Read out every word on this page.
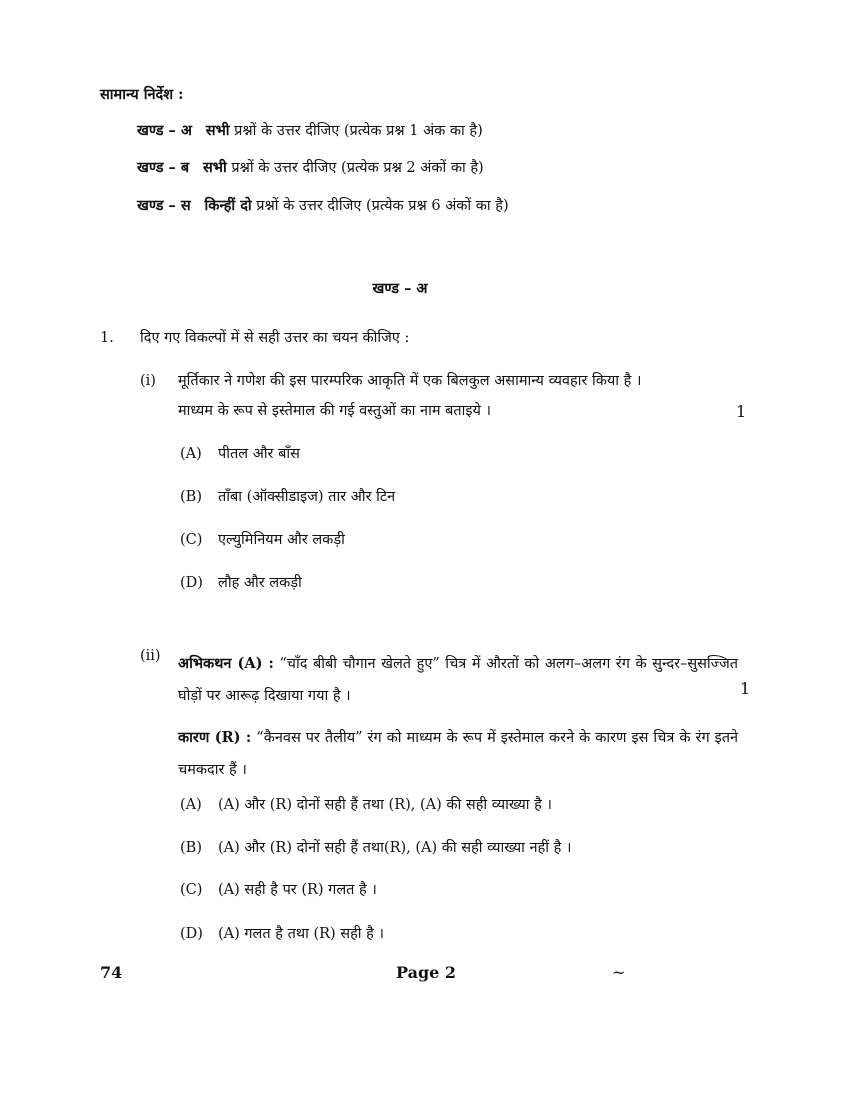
सामान्य निर्देश :
खण्ड – अ सभी प्रश्नों के उत्तर दीजिए (प्रत्येक प्रश्न 1 अंक का है)
खण्ड – ब सभी प्रश्नों के उत्तर दीजिए (प्रत्येक प्रश्न 2 अंकों का है)
खण्ड – स किन्हीं दो प्रश्नों के उत्तर दीजिए (प्रत्येक प्रश्न 6 अंकों का है)
खण्ड – अ
1. दिए गए विकल्पों में से सही उत्तर का चयन कीजिए :
(i) मूर्तिकार ने गणेश की इस पारम्परिक आकृति में एक बिलकुल असामान्य व्यवहार किया है ।
माध्यम के रूप से इस्तेमाल की गई वस्तुओं का नाम बताइये ।	1
(A) पीतल और बाँस
(B) ताँबा (ऑक्सीडाइज) तार और टिन
(C) एल्युमिनियम और लकड़ी
(D) लौह और लकड़ी
(ii) अभिकथन (A) : “चाँद बीबी चौगान खेलते हुए” चित्र में औरतों को अलग–अलग रंग के सुन्दर–सुसज्जित घोड़ों पर आरूढ़ दिखाया गया है ।	1
कारण (R) : “कैनवस पर तैलीय” रंग को माध्यम के रूप में इस्तेमाल करने के कारण इस चित्र के रंग इतने चमकदार हैं ।
(A) (A) और (R) दोनों सही हैं तथा (R), (A) की सही व्याख्या है ।
(B) (A) और (R) दोनों सही हैं तथा(R), (A) की सही व्याख्या नहीं है ।
(C) (A) सही है पर (R) गलत है ।
(D) (A) गलत है तथा (R) सही है ।
74	Page 2	~
